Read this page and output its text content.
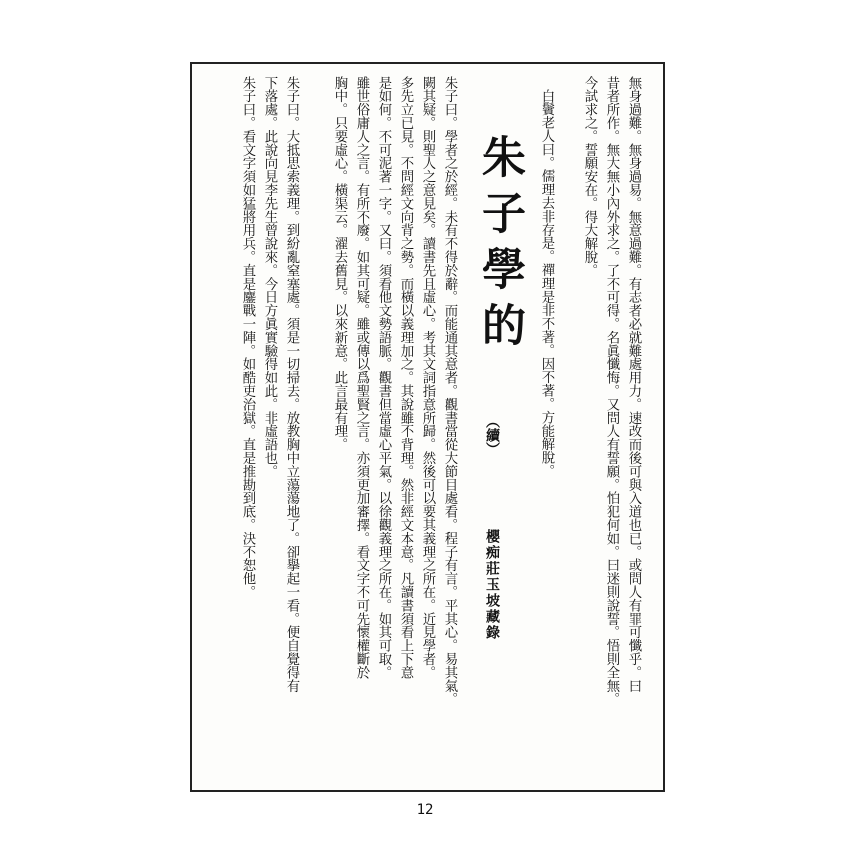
無身過難。無身過易。無意過難。有志者必就難處用力。速改而後可與入道也已。或問人有罪可懺乎。曰
昔者所作。無大無小內外求之。了不可得。名眞懺悔。又問人有誓願。怕犯何如。曰迷則說誓。悟則全無。
今試求之。誓願安在。得大解脫。
白鬢老人曰。儒理去非存是。禪理是非不著。因不著。方能解脫。
朱子學的
（續）
櫻痴莊玉坡藏錄
朱子曰。學者之於經。未有不得於辭。而能通其意者。觀書當從大節目處看。程子有言。平其心。易其氣。
闕其疑。則聖人之意見矣。讀書先且虛心。考其文詞指意所歸。然後可以要其義理之所在。近見學者。
多先立已見。不問經文向背之勢。而橫以義理加之。其說雖不背理。然非經文本意。凡讀書須看上下意
是如何。不可泥著一字。又曰。須看他文勢語脈。觀書但當虛心平氣。以徐觀義理之所在。如其可取。
雖世俗庸人之言。有所不廢。如其可疑。雖或傳以爲聖賢之言。亦須更加審擇。看文字不可先懷權斷於
胸中。只要虛心。橫渠云。濯去舊見。以來新意。此言最有理。
朱子曰。大抵思索義理。到紛亂窒塞處。須是一切掃去。放教胸中立蕩蕩地了。卻擧起一看。便自覺得有
下落處。此說向見李先生曾說來。今日方眞實驗得如此。非虛語也。
朱子曰。看文字須如猛將用兵。直是鏖戰一陣。如酷吏治獄。直是推勘到底。決不恕他。
12
